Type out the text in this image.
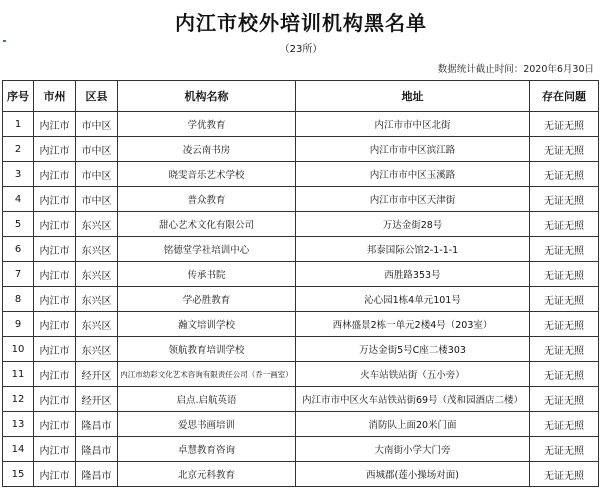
内江市校外培训机构黑名单
（23所）
数据统计截止时间：2020年6月30日
序号	市州	区县	机构名称	地址	存在问题
1	内江市	市中区	学优教育	内江市市中区北街	无证无照
2	内江市	市中区	凌云南书房	内江市市中区滨江路	无证无照
3	内江市	市中区	晓雯音乐艺术学校	内江市市中区玉溪路	无证无照
4	内江市	市中区	普众教育	内江市市中区天津街	无证无照
5	内江市	东兴区	甜心艺术文化有限公司	万达金街28号	无证无照
6	内江市	东兴区	铭德堂学社培训中心	邦泰国际公馆2-1-1-1	无证无照
7	内江市	东兴区	传承书院	西胜路353号	无证无照
8	内江市	东兴区	学必胜教育	沁心园1栋4单元101号	无证无照
9	内江市	东兴区	瀚文培训学校	西林盛景2栋一单元2楼4号（203室）	无证无照
10	内江市	东兴区	领航教育培训学校	万达金街5号C座二楼303	无证无照
11	内江市	经开区	内江市幼彩文化艺术咨询有限责任公司（乔一画室）	火车站铁站街（五小旁）	无证无照
12	内江市	经开区	启点.启航英语	内江市市中区火车站铁站街69号（茂和园酒店二楼）	无证无照
13	内江市	隆昌市	爱思书画培训	消防队上面20米门面	无证无照
14	内江市	隆昌市	卓慧教育咨询	大南街小学大门旁	无证无照
15	内江市	隆昌市	北京元科教育	西城郡(莲小操场对面)	无证无照
